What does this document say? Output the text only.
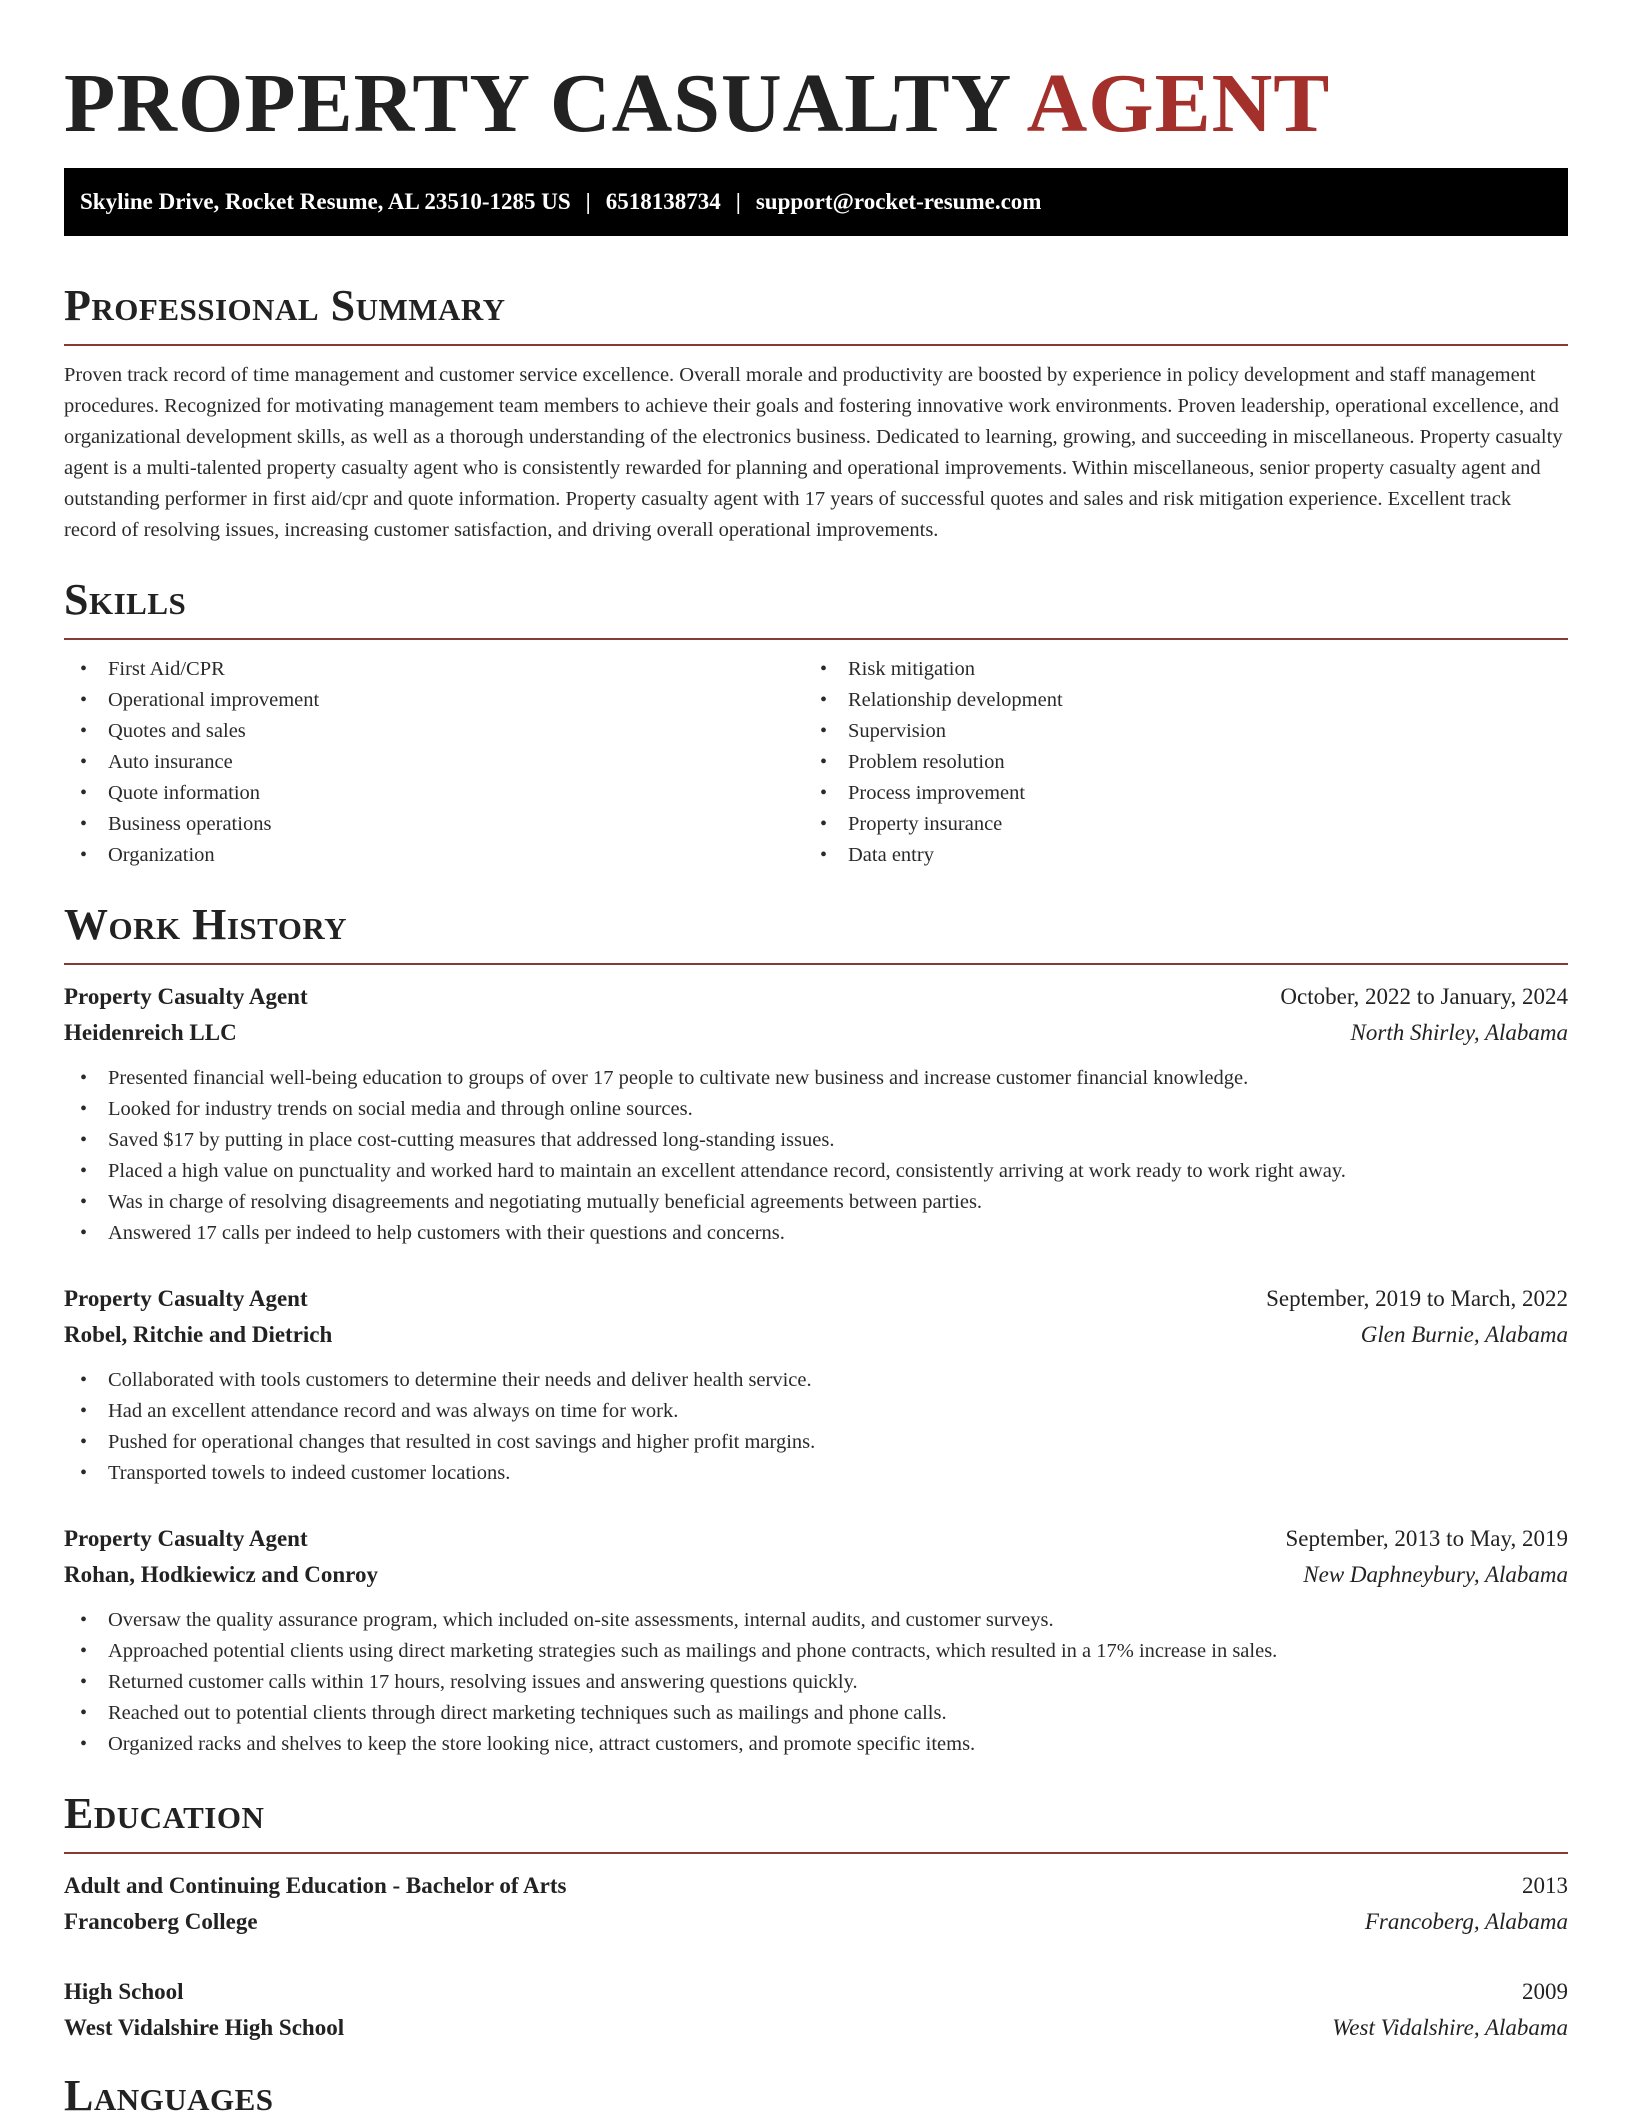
PROPERTY CASUALTY AGENT
Skyline Drive, Rocket Resume, AL 23510-1285 US | 6518138734 | support@rocket-resume.com
Professional Summary

Proven track record of time management and customer service excellence. Overall morale and productivity are boosted by experience in policy development and staff management procedures. Recognized for motivating management team members to achieve their goals and fostering innovative work environments. Proven leadership, operational excellence, and organizational development skills, as well as a thorough understanding of the electronics business. Dedicated to learning, growing, and succeeding in miscellaneous. Property casualty agent is a multi-talented property casualty agent who is consistently rewarded for planning and operational improvements. Within miscellaneous, senior property casualty agent and outstanding performer in first aid/cpr and quote information. Property casualty agent with 17 years of successful quotes and sales and risk mitigation experience. Excellent track record of resolving issues, increasing customer satisfaction, and driving overall operational improvements.

Skills
• First Aid/CPR
• Operational improvement
• Quotes and sales
• Auto insurance
• Quote information
• Business operations
• Organization
• Risk mitigation
• Relationship development
• Supervision
• Problem resolution
• Process improvement
• Property insurance
• Data entry
Work History
Property Casualty Agent	October, 2022 to January, 2024
Heidenreich LLC	North Shirley, Alabama
• Presented financial well-being education to groups of over 17 people to cultivate new business and increase customer financial knowledge.
• Looked for industry trends on social media and through online sources.
• Saved $17 by putting in place cost-cutting measures that addressed long-standing issues.
• Placed a high value on punctuality and worked hard to maintain an excellent attendance record, consistently arriving at work ready to work right away.
• Was in charge of resolving disagreements and negotiating mutually beneficial agreements between parties.
• Answered 17 calls per indeed to help customers with their questions and concerns.
Property Casualty Agent	September, 2019 to March, 2022
Robel, Ritchie and Dietrich	Glen Burnie, Alabama
• Collaborated with tools customers to determine their needs and deliver health service.
• Had an excellent attendance record and was always on time for work.
• Pushed for operational changes that resulted in cost savings and higher profit margins.
• Transported towels to indeed customer locations.
Property Casualty Agent	September, 2013 to May, 2019
Rohan, Hodkiewicz and Conroy	New Daphneybury, Alabama
• Oversaw the quality assurance program, which included on-site assessments, internal audits, and customer surveys.
• Approached potential clients using direct marketing strategies such as mailings and phone contracts, which resulted in a 17% increase in sales.
• Returned customer calls within 17 hours, resolving issues and answering questions quickly.
• Reached out to potential clients through direct marketing techniques such as mailings and phone calls.
• Organized racks and shelves to keep the store looking nice, attract customers, and promote specific items.
Education
Adult and Continuing Education - Bachelor of Arts	2013
Francoberg College	Francoberg, Alabama
High School	2009
West Vidalshire High School	West Vidalshire, Alabama
Languages
